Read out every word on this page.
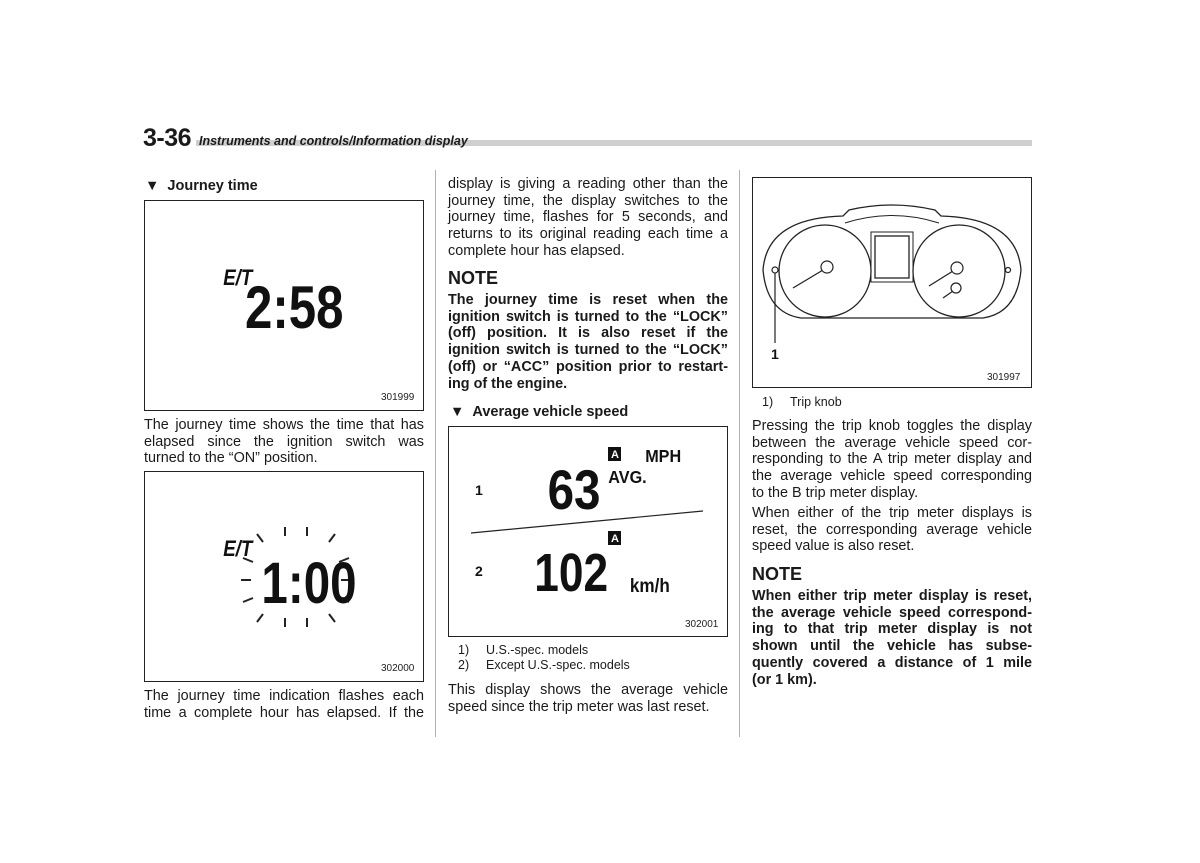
3-36 Instruments and controls/Information display
▼ Journey time
E/T
2:58
301999
The journey time shows the time that has
elapsed since the ignition switch was
turned to the “ON” position.
E/T
1:00
302000
The journey time indication flashes each
time a complete hour has elapsed. If the
display is giving a reading other than the
journey time, the display switches to the
journey time, flashes for 5 seconds, and
returns to its original reading each time a
complete hour has elapsed.
NOTE
The journey time is reset when the
ignition switch is turned to the “LOCK”
(off) position. It is also reset if the
ignition switch is turned to the “LOCK”
(off) or “ACC” position prior to restart-
ing of the engine.
▼ Average vehicle speed
1
2
63
A MPH
AVG.
102
A
km/h
302001
1) U.S.-spec. models
2) Except U.S.-spec. models
This display shows the average vehicle
speed since the trip meter was last reset.
1
301997
1) Trip knob
Pressing the trip knob toggles the display
between the average vehicle speed cor-
responding to the A trip meter display and
the average vehicle speed corresponding
to the B trip meter display.
When either of the trip meter displays is
reset, the corresponding average vehicle
speed value is also reset.
NOTE
When either trip meter display is reset,
the average vehicle speed correspond-
ing to that trip meter display is not
shown until the vehicle has subse-
quently covered a distance of 1 mile
(or 1 km).
